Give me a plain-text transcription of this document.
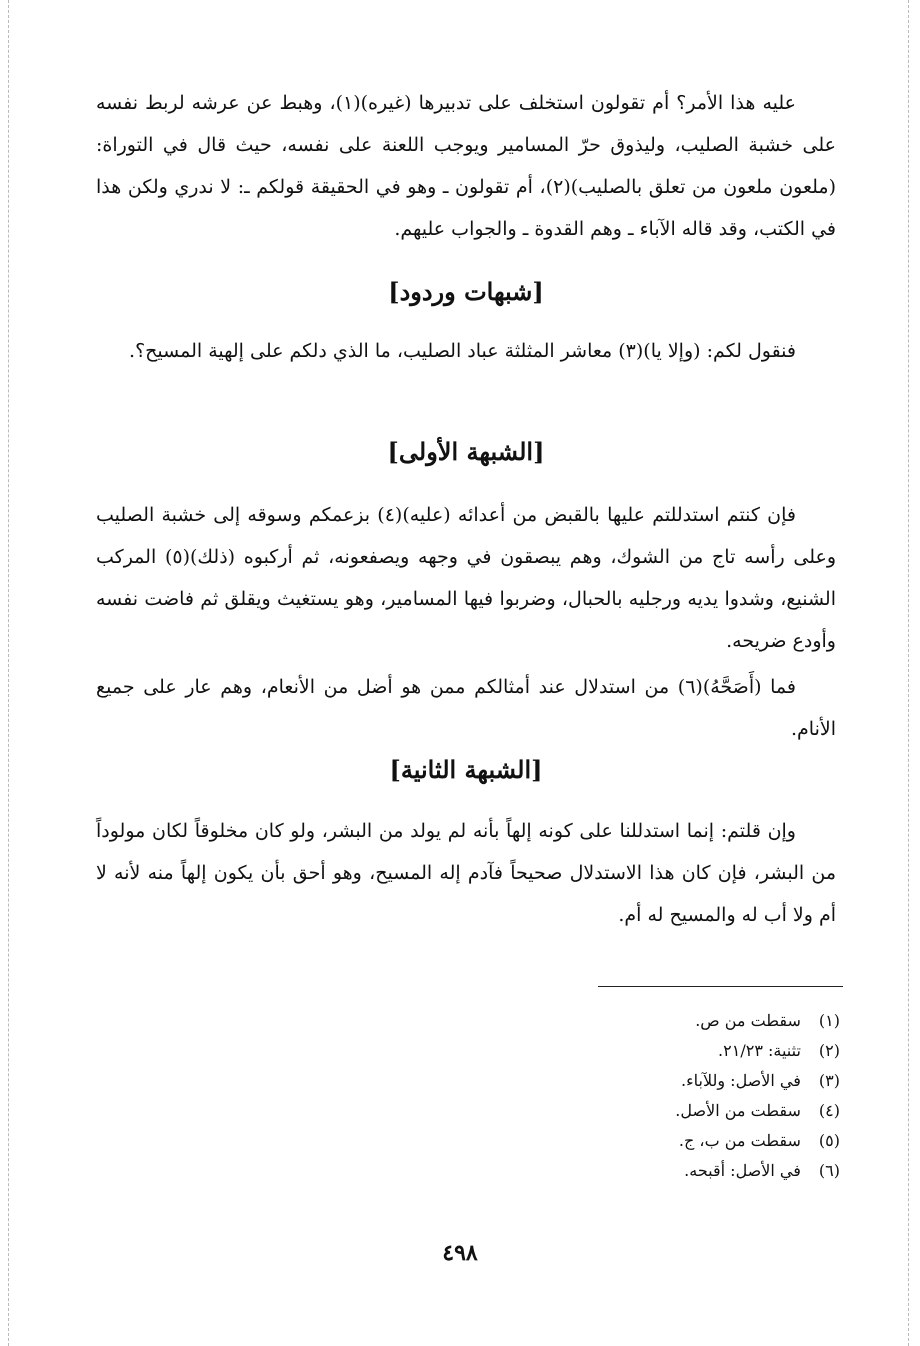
عليه هذا الأمر؟ أم تقولون استخلف على تدبيرها (غيره)(١)، وهبط عن عرشه لربط نفسه على خشبة الصليب، وليذوق حرّ المسامير ويوجب اللعنة على نفسه، حيث قال في التوراة: (ملعون ملعون من تعلق بالصليب)(٢)، أم تقولون ـ وهو في الحقيقة قولكم ـ: لا ندري ولكن هذا في الكتب، وقد قاله الآباء ـ وهم القدوة ـ والجواب عليهم.

[شبهات وردود]

فنقول لكم: (وإلا يا)(٣) معاشر المثلثة عباد الصليب، ما الذي دلكم على إلهية المسيح؟.

[الشبهة الأولى]

فإن كنتم استدللتم عليها بالقبض من أعدائه (عليه)(٤) بزعمكم وسوقه إلى خشبة الصليب وعلى رأسه تاج من الشوك، وهم يبصقون في وجهه ويصفعونه، ثم أركبوه (ذلك)(٥) المركب الشنيع، وشدوا يديه ورجليه بالحبال، وضربوا فيها المسامير، وهو يستغيث ويقلق ثم فاضت نفسه وأودع ضريحه.

فما (أَصَحَّهُ)(٦) من استدلال عند أمثالكم ممن هو أضل من الأنعام، وهم عار على جميع الأنام.

[الشبهة الثانية]

وإن قلتم: إنما استدللنا على كونه إلهاً بأنه لم يولد من البشر، ولو كان مخلوقاً لكان مولوداً من البشر، فإن كان هذا الاستدلال صحيحاً فآدم إله المسيح، وهو أحق بأن يكون إلهاً منه لأنه لا أم ولا أب له والمسيح له أم.

(١) سقطت من ص.
(٢) تثنية: ٢١/٢٣.
(٣) في الأصل: وللآباء.
(٤) سقطت من الأصل.
(٥) سقطت من ب، ج.
(٦) في الأصل: أقبحه.
٤٩٨
